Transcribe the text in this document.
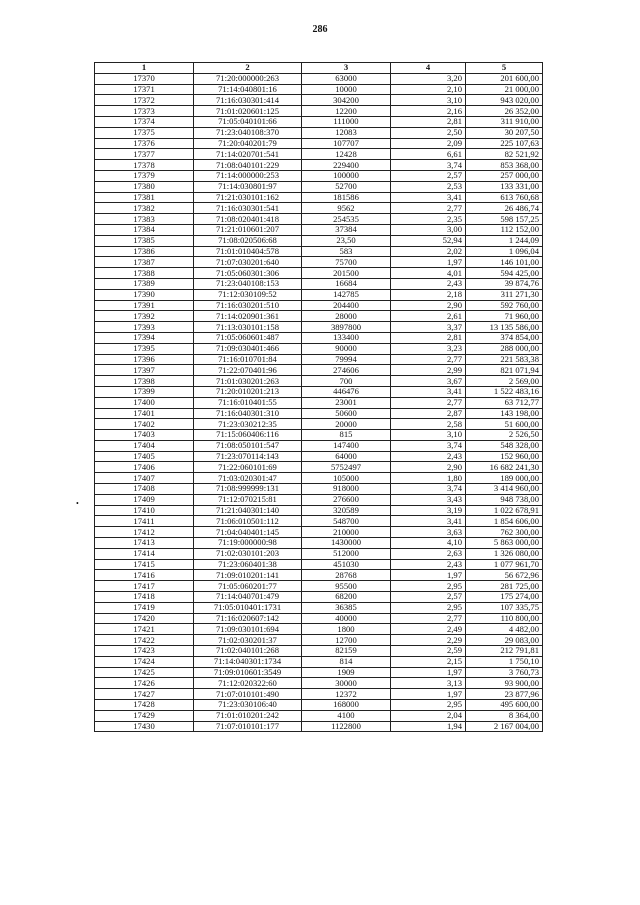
286
•
1	2	3	4	5
17370	71:20:000000:263	63000	3,20	201 600,00
17371	71:14:040801:16	10000	2,10	21 000,00
17372	71:16:030301:414	304200	3,10	943 020,00
17373	71:01:020601:125	12200	2,16	26 352,00
17374	71:05:040101:66	111000	2,81	311 910,00
17375	71:23:040108:370	12083	2,50	30 207,50
17376	71:20:040201:79	107707	2,09	225 107,63
17377	71:14:020701:541	12428	6,61	82 521,92
17378	71:08:040101:229	229400	3,74	853 368,00
17379	71:14:000000:253	100000	2,57	257 000,00
17380	71:14:030801:97	52700	2,53	133 331,00
17381	71:21:030101:162	181586	3,41	613 760,68
17382	71:16:030301:541	9562	2,77	26 486,74
17383	71:08:020401:418	254535	2,35	598 157,25
17384	71:21:010601:207	37384	3,00	112 152,00
17385	71:08:020506:68	23,50	52,94	1 244,09
17386	71:01:010404:578	583	2,02	1 096,04
17387	71:07:030201:640	75700	1,97	146 101,00
17388	71:05:060301:306	201500	4,01	594 425,00
17389	71:23:040108:153	16684	2,43	39 874,76
17390	71:12:030109:52	142785	2,18	311 271,30
17391	71:16:030201:510	204400	2,90	592 760,00
17392	71:14:020901:361	28000	2,61	71 960,00
17393	71:13:030101:158	3897800	3,37	13 135 586,00
17394	71:05:060601:487	133400	2,81	374 854,00
17395	71:09:030401:466	90000	3,23	288 000,00
17396	71:16:010701:84	79994	2,77	221 583,38
17397	71:22:070401:96	274606	2,99	821 071,94
17398	71:01:030201:263	700	3,67	2 569,00
17399	71:20:010201:213	446476	3,41	1 522 483,16
17400	71:16:010401:55	23001	2,77	63 712,77
17401	71:16:040301:310	50600	2,87	143 198,00
17402	71:23:030212:35	20000	2,58	51 600,00
17403	71:15:060406:116	815	3,10	2 526,50
17404	71:08:050101:547	147400	3,74	548 328,00
17405	71:23:070114:143	64000	2,43	152 960,00
17406	71:22:060101:69	5752497	2,90	16 682 241,30
17407	71:03:020301:47	105000	1,80	189 000,00
17408	71:08:999999:131	918000	3,74	3 414 960,00
17409	71:12:070215:81	276600	3,43	948 738,00
17410	71:21:040301:140	320589	3,19	1 022 678,91
17411	71:06:010501:112	548700	3,41	1 854 606,00
17412	71:04:040401:145	210000	3,63	762 300,00
17413	71:19:000000:98	1430000	4,10	5 863 000,00
17414	71:02:030101:203	512000	2,63	1 326 080,00
17415	71:23:060401:38	451030	2,43	1 077 961,70
17416	71:09:010201:141	28768	1,97	56 672,96
17417	71:05:060201:77	95500	2,95	281 725,00
17418	71:14:040701:479	68200	2,57	175 274,00
17419	71:05:010401:1731	36385	2,95	107 335,75
17420	71:16:020607:142	40000	2,77	110 800,00
17421	71:09:030101:694	1800	2,49	4 482,00
17422	71:02:030201:37	12700	2,29	29 083,00
17423	71:02:040101:268	82159	2,59	212 791,81
17424	71:14:040301:1734	814	2,15	1 750,10
17425	71:09:010601:3549	1909	1,97	3 760,73
17426	71:12:020322:60	30000	3,13	93 900,00
17427	71:07:010101:490	12372	1,97	23 877,96
17428	71:23:030106:40	168000	2,95	495 600,00
17429	71:01:010201:242	4100	2,04	8 364,00
17430	71:07:010101:177	1122800	1,94	2 167 004,00
